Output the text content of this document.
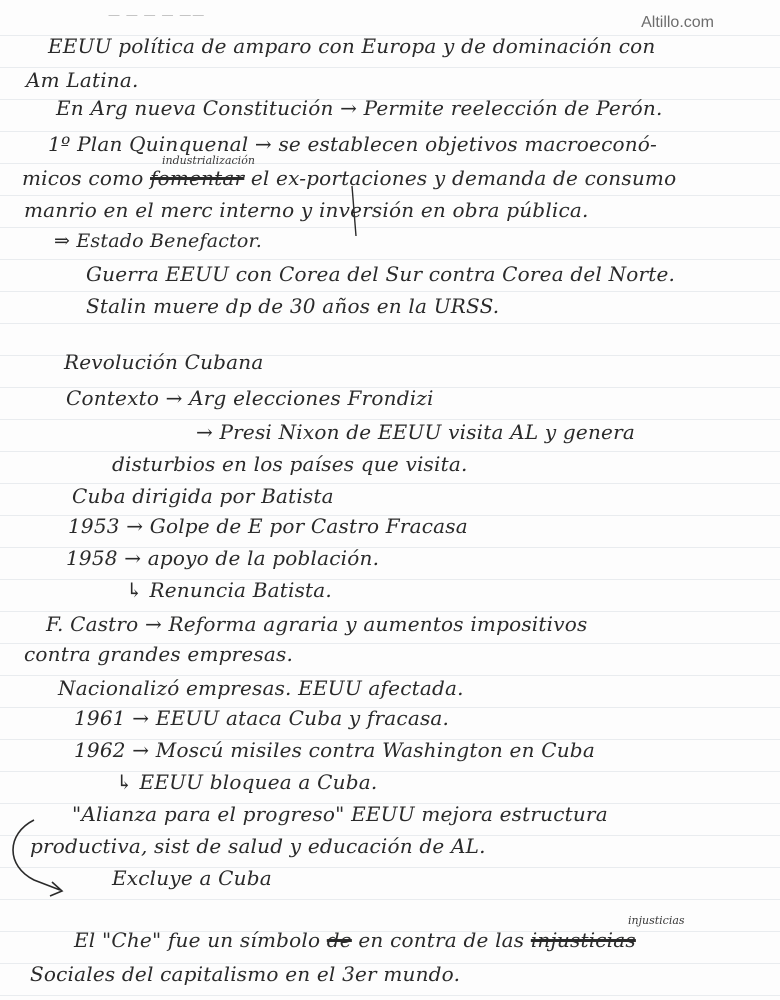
— — — — ——	Altillo.com
EEUU política de amparo con Europa y de dominación con
Am Latina.
En Arg nueva Constitución → Permite reelección de Perón.
1º Plan Quinquenal → se establecen objetivos macroeconó-
industrialización
micos como fomentar el ex-portaciones y demanda de consumo
manrio en el merc interno y inversión en obra pública.
⇒ Estado Benefactor.
Guerra EEUU con Corea del Sur contra Corea del Norte.
Stalin muere dp de 30 años en la URSS.
Revolución Cubana
Contexto → Arg elecciones Frondizi
→ Presi Nixon de EEUU visita AL y genera
disturbios en los países que visita.
Cuba dirigida por Batista
1953 → Golpe de E por Castro Fracasa
1958 → apoyo de la población.
↳ Renuncia Batista.
F. Castro → Reforma agraria y aumentos impositivos
contra grandes empresas.
Nacionalizó empresas. EEUU afectada.
1961 → EEUU ataca Cuba y fracasa.
1962 → Moscú misiles contra Washington en Cuba
↳ EEUU bloquea a Cuba.
"Alianza para el progreso" EEUU mejora estructura
productiva, sist de salud y educación de AL.
Excluye a Cuba
injusticias
El "Che" fue un símbolo de en contra de las injusticias
Sociales del capitalismo en el 3er mundo.
